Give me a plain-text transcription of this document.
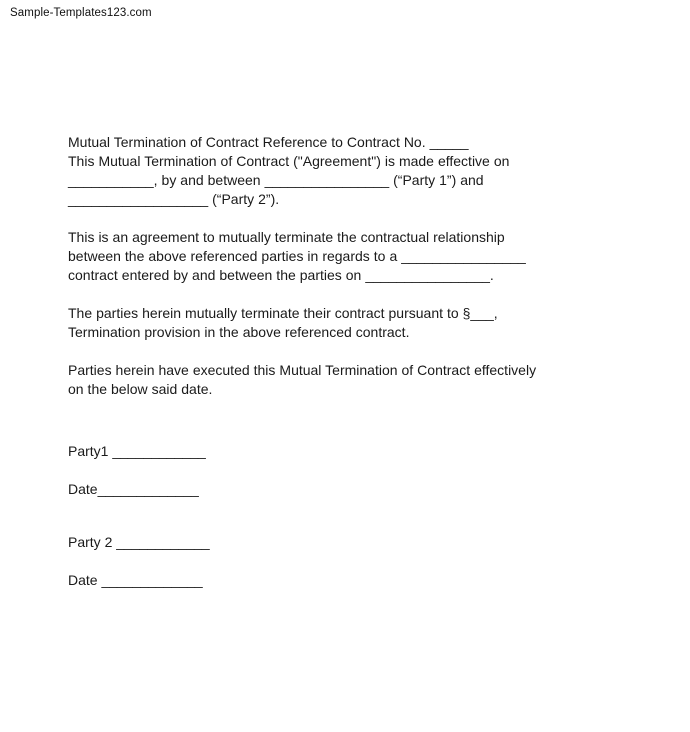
Sample-Templates123.com

Mutual Termination of Contract Reference to Contract No. _____
This Mutual Termination of Contract ("Agreement") is made effective on
___________, by and between ________________ (“Party 1”) and
__________________ (“Party 2”).

This is an agreement to mutually terminate the contractual relationship
between the above referenced parties in regards to a ________________
contract entered by and between the parties on ________________.

The parties herein mutually terminate their contract pursuant to §___,
Termination provision in the above referenced contract.

Parties herein have executed this Mutual Termination of Contract effectively
on the below said date.

Party1 ____________

Date_____________

Party 2 ____________

Date _____________
